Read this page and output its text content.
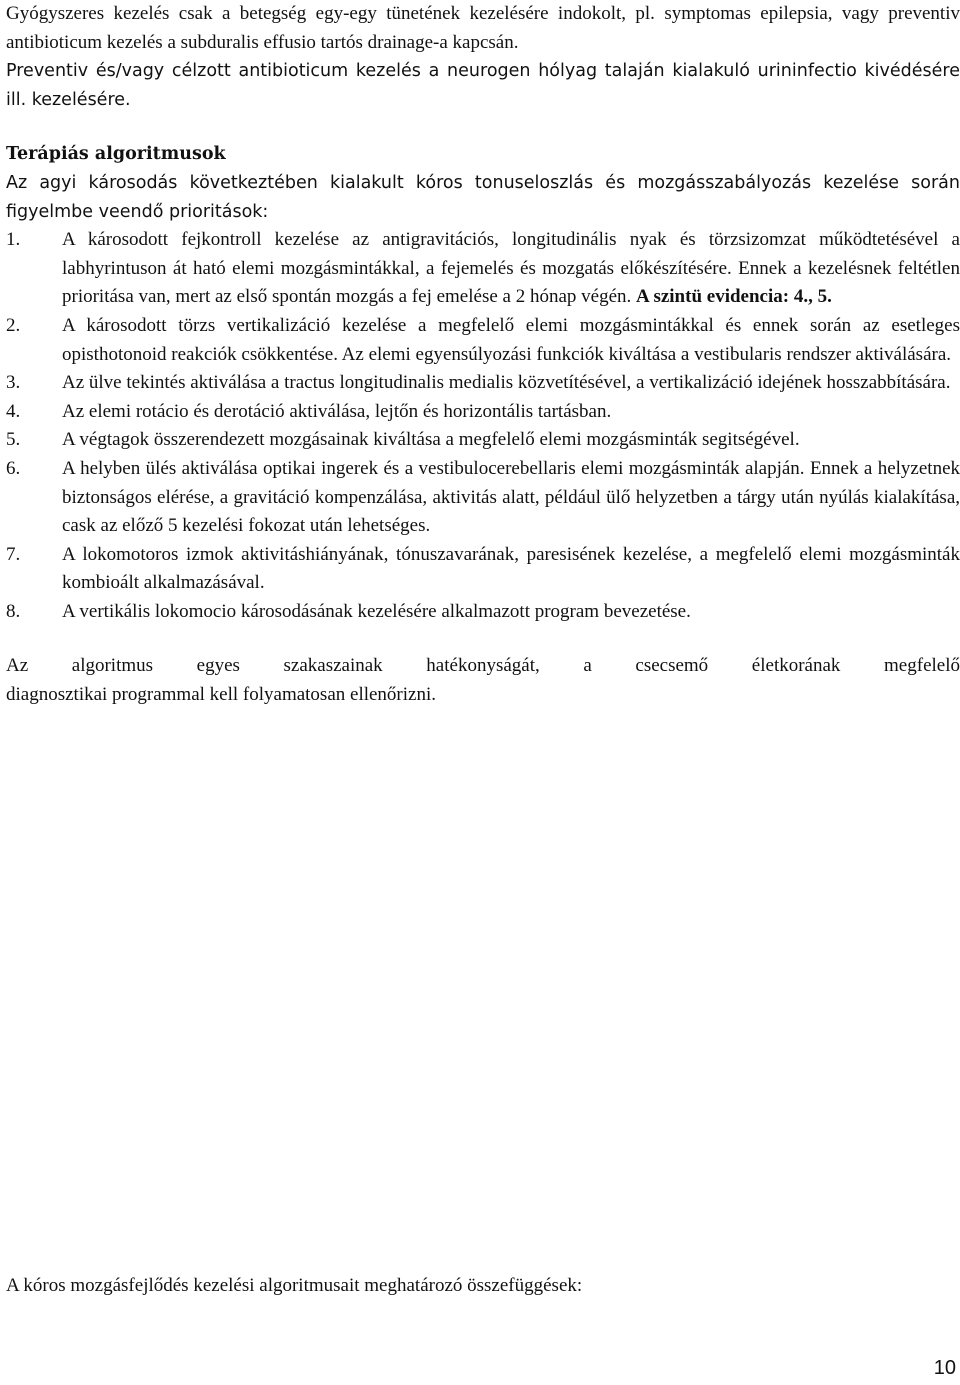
Gyógyszeres kezelés csak a betegség egy-egy tünetének kezelésére indokolt, pl. symptomas epilepsia, vagy preventiv antibioticum kezelés a subduralis effusio tartós drainage-a kapcsán.

Preventiv és/vagy célzott antibioticum kezelés a neurogen hólyag talaján kialakuló urininfectio kivédésére ill. kezelésére.

Terápiás algoritmusok
Az agyi károsodás következtében kialakult kóros tonuseloszlás és mozgásszabályozás kezelése során figyelmbe veendő prioritások:
1.	A károsodott fejkontroll kezelése az antigravitációs, longitudinális nyak és törzsizomzat működtetésével a labhyrintuson át ható elemi mozgásmintákkal, a fejemelés és mozgatás előkészítésére. Ennek a kezelésnek feltétlen prioritása van, mert az első spontán mozgás a fej emelése a 2 hónap végén. A szintü evidencia: 4., 5.
2.	A károsodott törzs vertikalizáció kezelése a megfelelő elemi mozgásmintákkal és ennek során az esetleges opisthotonoid reakciók csökkentése. Az elemi egyensúlyozási funkciók kiváltása a vestibularis rendszer aktiválására.
3.	Az ülve tekintés aktiválása a tractus longitudinalis medialis közvetítésével, a vertikalizáció idejének hosszabbítására.
4.	Az elemi rotácio és derotáció aktiválása, lejtőn és horizontális tartásban.
5.	A végtagok összerendezett mozgásainak kiváltása a megfelelő elemi mozgásminták segitségével.
6.	A helyben ülés aktiválása optikai ingerek és a vestibulocerebellaris elemi mozgásminták alapján. Ennek a helyzetnek biztonságos elérése, a gravitáció kompenzálása, aktivitás alatt, például ülő helyzetben a tárgy után nyúlás kialakítása, cask az előző 5 kezelési fokozat után lehetséges.
7.	A lokomotoros izmok aktivitáshiányának, tónuszavarának, paresisének kezelése, a megfelelő elemi mozgásminták kombioált alkalmazásával.
8.	A vertikális lokomocio károsodásának kezelésére alkalmazott program bevezetése.
Az algoritmus egyes szakaszainak hatékonyságát, a csecsemő életkorának megfelelő
diagnosztikai programmal kell folyamatosan ellenőrizni.
A kóros mozgásfejlődés kezelési algoritmusait meghatározó összefüggések:
10
